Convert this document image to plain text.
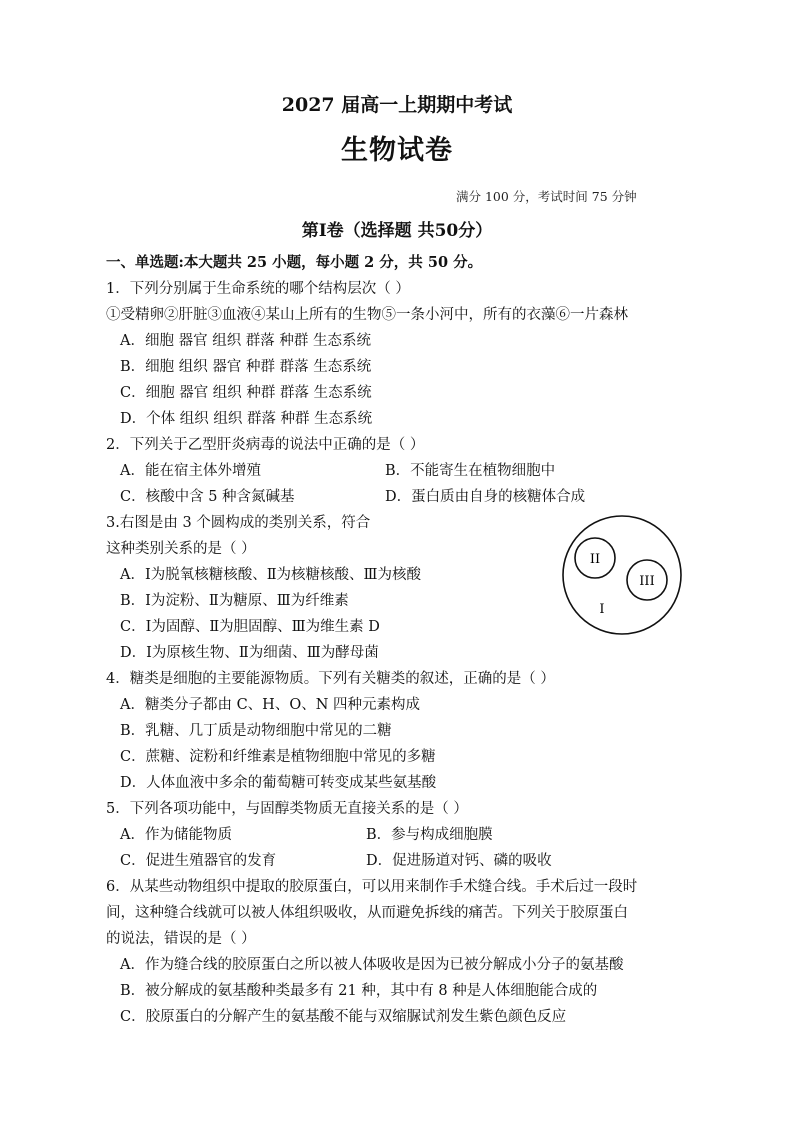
2027 届高一上期期中考试
生物试卷
满分 100 分，考试时间 75 分钟
第Ⅰ卷（选择题 共50分）
一、单选题:本大题共 25 小题，每小题 2 分，共 50 分。
1．下列分别属于生命系统的哪个结构层次（ ）
①受精卵②肝脏③血液④某山上所有的生物⑤一条小河中，所有的衣藻⑥一片森林
A．细胞 器官 组织 群落 种群 生态系统
B．细胞 组织 器官 种群 群落 生态系统
C．细胞 器官 组织 种群 群落 生态系统
D．个体 组织 组织 群落 种群 生态系统
2．下列关于乙型肝炎病毒的说法中正确的是（ ）
A．能在宿主体外增殖	B．不能寄生在植物细胞中
C．核酸中含 5 种含氮碱基	D．蛋白质由自身的核糖体合成
3.右图是由 3 个圆构成的类别关系，符合
这种类别关系的是（ ）
A．Ⅰ为脱氧核糖核酸、Ⅱ为核糖核酸、Ⅲ为核酸
B．Ⅰ为淀粉、Ⅱ为糖原、Ⅲ为纤维素
C．Ⅰ为固醇、Ⅱ为胆固醇、Ⅲ为维生素 D
D．Ⅰ为原核生物、Ⅱ为细菌、Ⅲ为酵母菌
II
III
I
4．糖类是细胞的主要能源物质。下列有关糖类的叙述，正确的是（ ）
A．糖类分子都由 C、H、O、N 四种元素构成
B．乳糖、几丁质是动物细胞中常见的二糖
C．蔗糖、淀粉和纤维素是植物细胞中常见的多糖
D．人体血液中多余的葡萄糖可转变成某些氨基酸
5．下列各项功能中，与固醇类物质无直接关系的是（ ）
A．作为储能物质	B．参与构成细胞膜
C．促进生殖器官的发育	D．促进肠道对钙、磷的吸收
6．从某些动物组织中提取的胶原蛋白，可以用来制作手术缝合线。手术后过一段时
间，这种缝合线就可以被人体组织吸收，从而避免拆线的痛苦。下列关于胶原蛋白
的说法，错误的是（ ）
A．作为缝合线的胶原蛋白之所以被人体吸收是因为已被分解成小分子的氨基酸
B．被分解成的氨基酸种类最多有 21 种，其中有 8 种是人体细胞能合成的
C．胶原蛋白的分解产生的氨基酸不能与双缩脲试剂发生紫色颜色反应
